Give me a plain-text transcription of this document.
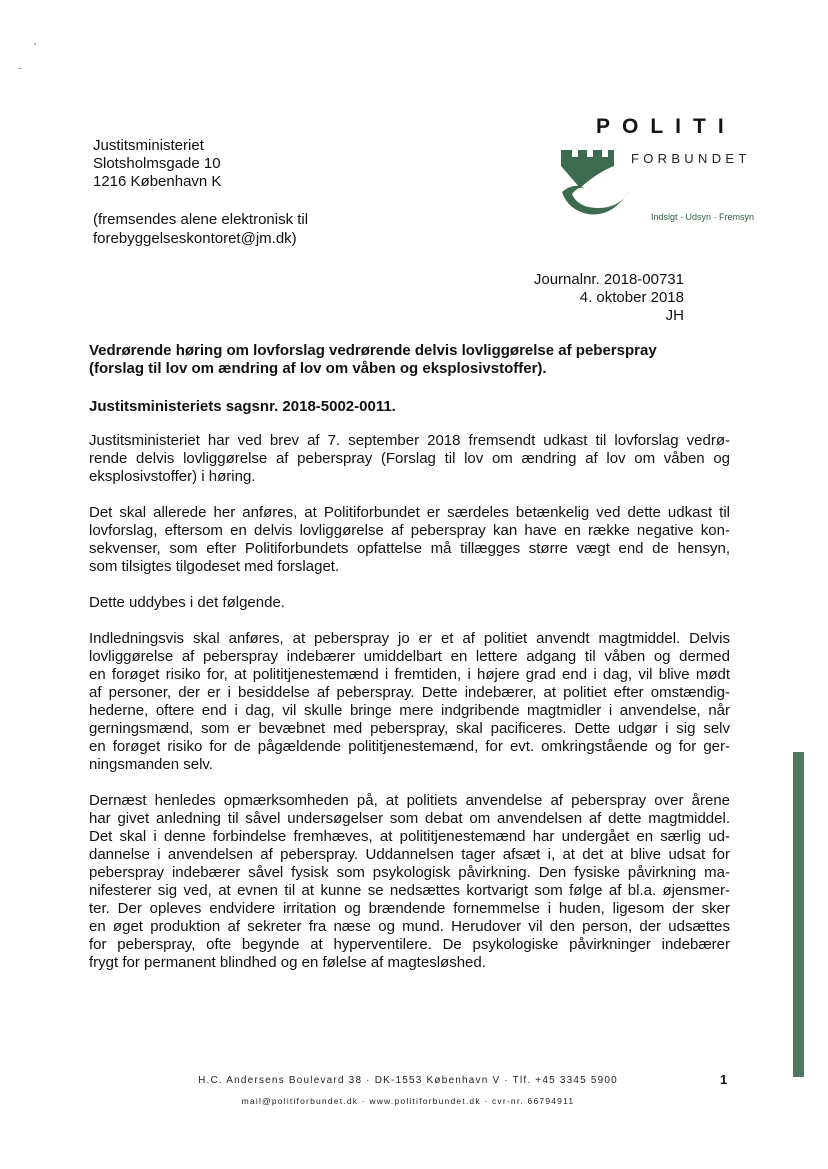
Justitsministeriet
Slotsholmsgade 10
1216 København K
(fremsendes alene elektronisk til
forebyggelseskontoret@jm.dk)
POLITI
FORBUNDET
Indsigt · Udsyn · Fremsyn
Journalnr. 2018-00731
4. oktober 2018
JH
Vedrørende høring om lovforslag vedrørende delvis lovliggørelse af peberspray
(forslag til lov om ændring af lov om våben og eksplosivstoffer).
Justitsministeriets sagsnr. 2018-5002-0011.

Justitsministeriet har ved brev af 7. september 2018 fremsendt udkast til lovforslag vedrø-
rende delvis lovliggørelse af peberspray (Forslag til lov om ændring af lov om våben og
eksplosivstoffer) i høring.

Det skal allerede her anføres, at Politiforbundet er særdeles betænkelig ved dette udkast til
lovforslag, eftersom en delvis lovliggørelse af peberspray kan have en række negative kon-
sekvenser, som efter Politiforbundets opfattelse må tillægges større vægt end de hensyn,
som tilsigtes tilgodeset med forslaget.

Dette uddybes i det følgende.

Indledningsvis skal anføres, at peberspray jo er et af politiet anvendt magtmiddel. Delvis
lovliggørelse af peberspray indebærer umiddelbart en lettere adgang til våben og dermed
en forøget risiko for, at polititjenestemænd i fremtiden, i højere grad end i dag, vil blive mødt
af personer, der er i besiddelse af peberspray. Dette indebærer, at politiet efter omstændig-
hederne, oftere end i dag, vil skulle bringe mere indgribende magtmidler i anvendelse, når
gerningsmænd, som er bevæbnet med peberspray, skal pacificeres. Dette udgør i sig selv
en forøget risiko for de pågældende polititjenestemænd, for evt. omkringstående og for ger-
ningsmanden selv.

Dernæst henledes opmærksomheden på, at politiets anvendelse af peberspray over årene
har givet anledning til såvel undersøgelser som debat om anvendelsen af dette magtmiddel.
Det skal i denne forbindelse fremhæves, at polititjenestemænd har undergået en særlig ud-
dannelse i anvendelsen af peberspray. Uddannelsen tager afsæt i, at det at blive udsat for
peberspray indebærer såvel fysisk som psykologisk påvirkning. Den fysiske påvirkning ma-
nifesterer sig ved, at evnen til at kunne se nedsættes kortvarigt som følge af bl.a. øjensmer-
ter. Der opleves endvidere irritation og brændende fornemmelse i huden, ligesom der sker
en øget produktion af sekreter fra næse og mund. Herudover vil den person, der udsættes
for peberspray, ofte begynde at hyperventilere. De psykologiske påvirkninger indebærer
frygt for permanent blindhed og en følelse af magtesløshed.

H.C. Andersens Boulevard 38 · DK-1553 København V · Tlf. +45 3345 5900
mail@politiforbundet.dk · www.politiforbundet.dk · cvr-nr. 66794911
1
